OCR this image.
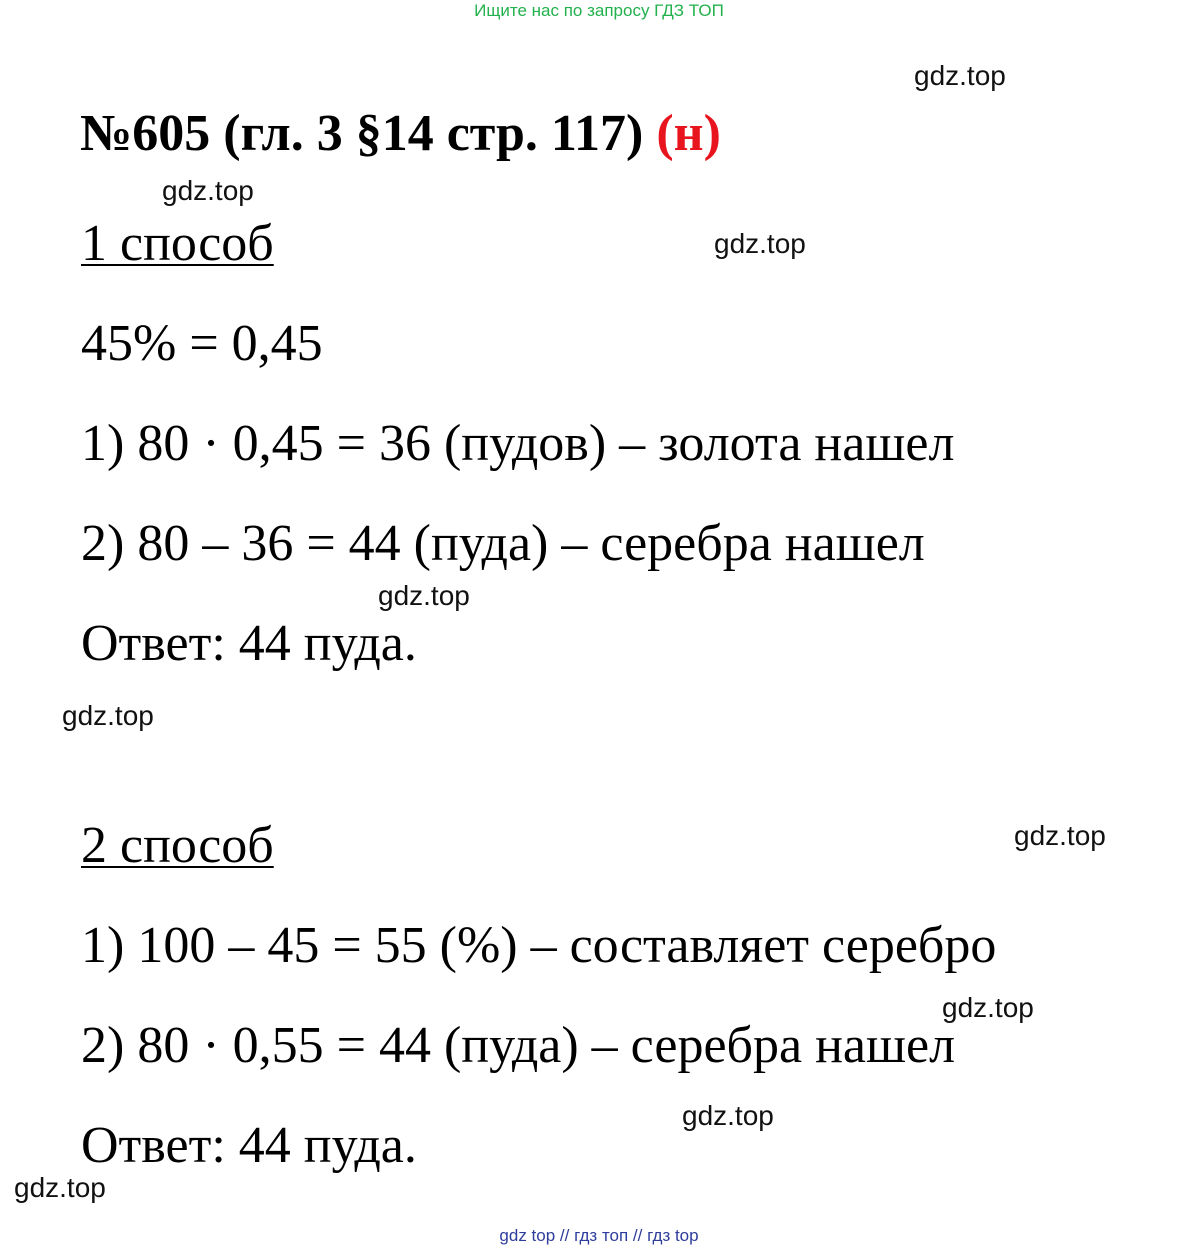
Ищите нас по запросу ГДЗ ТОП
№605 (гл. 3 §14 стр. 117) (н)
1 способ
45% = 0,45
1) 80 · 0,45 = 36 (пудов) – золота нашел
2) 80 – 36 = 44 (пуда) – серебра нашел
Ответ: 44 пуда.
2 способ
1) 100 – 45 = 55 (%) – составляет серебро
2) 80 · 0,55 = 44 (пуда) – серебра нашел
Ответ: 44 пуда.
gdz.top
gdz.top
gdz.top
gdz.top
gdz.top
gdz.top
gdz.top
gdz.top
gdz.top
gdz top // гдз топ // гдз top
